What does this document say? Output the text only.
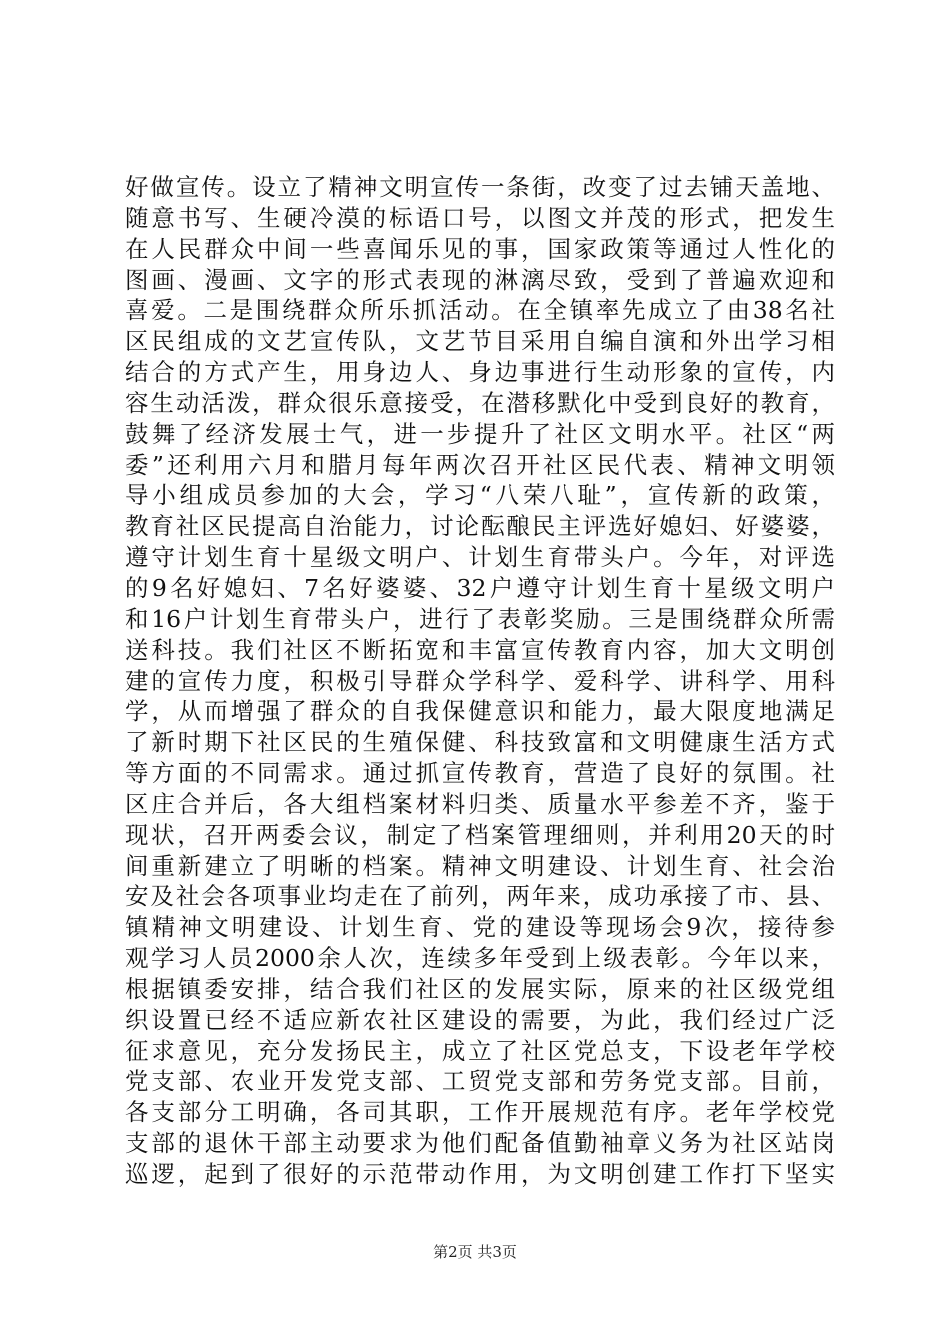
好做宣传。设立了精神文明宣传一条街，改变了过去铺天盖地、
随意书写、生硬冷漠的标语口号，以图文并茂的形式，把发生
在人民群众中间一些喜闻乐见的事，国家政策等通过人性化的
图画、漫画、文字的形式表现的淋漓尽致，受到了普遍欢迎和
喜爱。二是围绕群众所乐抓活动。在全镇率先成立了由38名社
区民组成的文艺宣传队，文艺节目采用自编自演和外出学习相
结合的方式产生，用身边人、身边事进行生动形象的宣传，内
容生动活泼，群众很乐意接受，在潜移默化中受到良好的教育，
鼓舞了经济发展士气，进一步提升了社区文明水平。社区“两
委”还利用六月和腊月每年两次召开社区民代表、精神文明领
导小组成员参加的大会，学习“八荣八耻”，宣传新的政策，
教育社区民提高自治能力，讨论酝酿民主评选好媳妇、好婆婆，
遵守计划生育十星级文明户、计划生育带头户。今年，对评选
的9名好媳妇、7名好婆婆、32户遵守计划生育十星级文明户
和16户计划生育带头户，进行了表彰奖励。三是围绕群众所需
送科技。我们社区不断拓宽和丰富宣传教育内容，加大文明创
建的宣传力度，积极引导群众学科学、爱科学、讲科学、用科
学，从而增强了群众的自我保健意识和能力，最大限度地满足
了新时期下社区民的生殖保健、科技致富和文明健康生活方式
等方面的不同需求。通过抓宣传教育，营造了良好的氛围。社
区庄合并后，各大组档案材料归类、质量水平参差不齐，鉴于
现状，召开两委会议，制定了档案管理细则，并利用20天的时
间重新建立了明晰的档案。精神文明建设、计划生育、社会治
安及社会各项事业均走在了前列，两年来，成功承接了市、县、
镇精神文明建设、计划生育、党的建设等现场会9次，接待参
观学习人员2000余人次，连续多年受到上级表彰。今年以来，
根据镇委安排，结合我们社区的发展实际，原来的社区级党组
织设置已经不适应新农社区建设的需要，为此，我们经过广泛
征求意见，充分发扬民主，成立了社区党总支，下设老年学校
党支部、农业开发党支部、工贸党支部和劳务党支部。目前，
各支部分工明确，各司其职，工作开展规范有序。老年学校党
支部的退休干部主动要求为他们配备值勤袖章义务为社区站岗
巡逻，起到了很好的示范带动作用，为文明创建工作打下坚实
第2页 共3页
